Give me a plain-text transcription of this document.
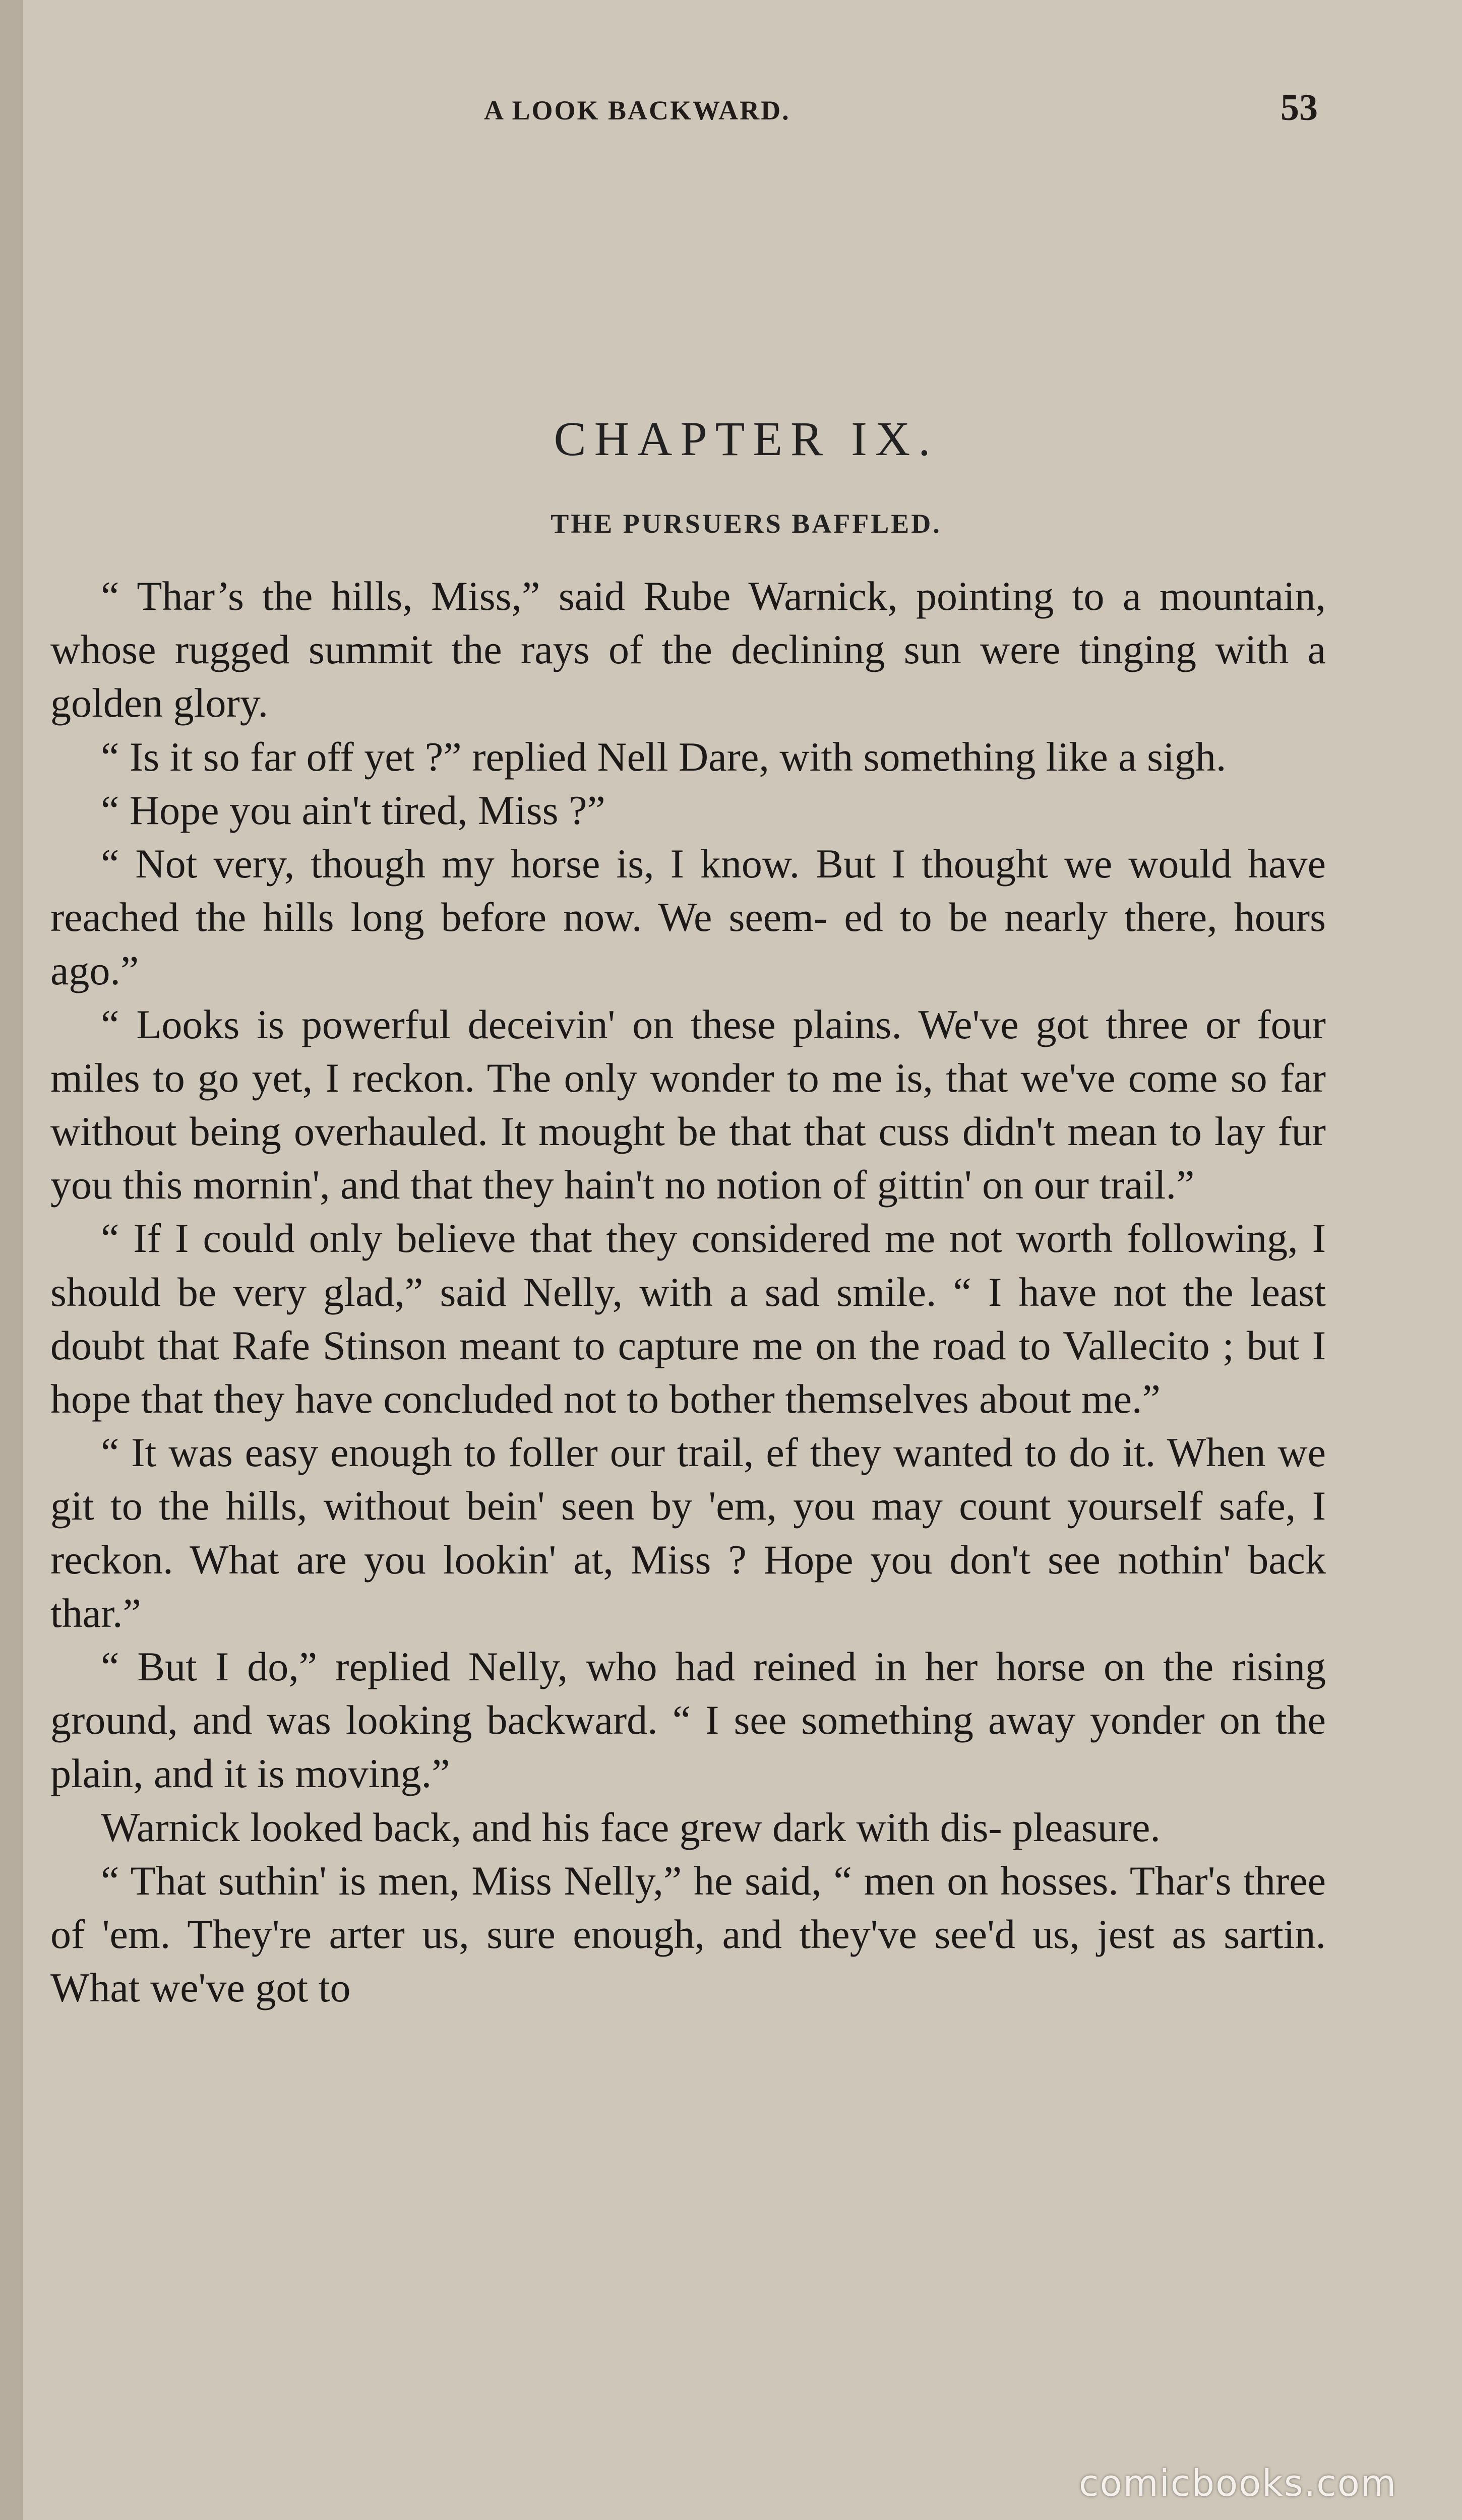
A LOOK BACKWARD.	53
CHAPTER IX.
THE PURSUERS BAFFLED.

“ Thar’s the hills, Miss,” said Rube Warnick, pointing to a mountain, whose rugged summit the rays of the declining sun were tinging with a golden glory.

“ Is it so far off yet ?” replied Nell Dare, with something like a sigh.

“ Hope you ain't tired, Miss ?”

“ Not very, though my horse is, I know. But I thought we would have reached the hills long before now. We seem- ed to be nearly there, hours ago.”

“ Looks is powerful deceivin' on these plains. We've got three or four miles to go yet, I reckon. The only wonder to me is, that we've come so far without being overhauled. It mought be that that cuss didn't mean to lay fur you this mornin', and that they hain't no notion of gittin' on our trail.”

“ If I could only believe that they considered me not worth following, I should be very glad,” said Nelly, with a sad smile. “ I have not the least doubt that Rafe Stinson meant to capture me on the road to Vallecito ; but I hope that they have concluded not to bother themselves about me.”

“ It was easy enough to foller our trail, ef they wanted to do it. When we git to the hills, without bein' seen by 'em, you may count yourself safe, I reckon. What are you lookin' at, Miss ? Hope you don't see nothin' back thar.”

“ But I do,” replied Nelly, who had reined in her horse on the rising ground, and was looking backward. “ I see something away yonder on the plain, and it is moving.”

Warnick looked back, and his face grew dark with dis- pleasure.

“ That suthin' is men, Miss Nelly,” he said, “ men on hosses. Thar's three of 'em. They're arter us, sure enough, and they've see'd us, jest as sartin. What we've got to

comicbooks.com
